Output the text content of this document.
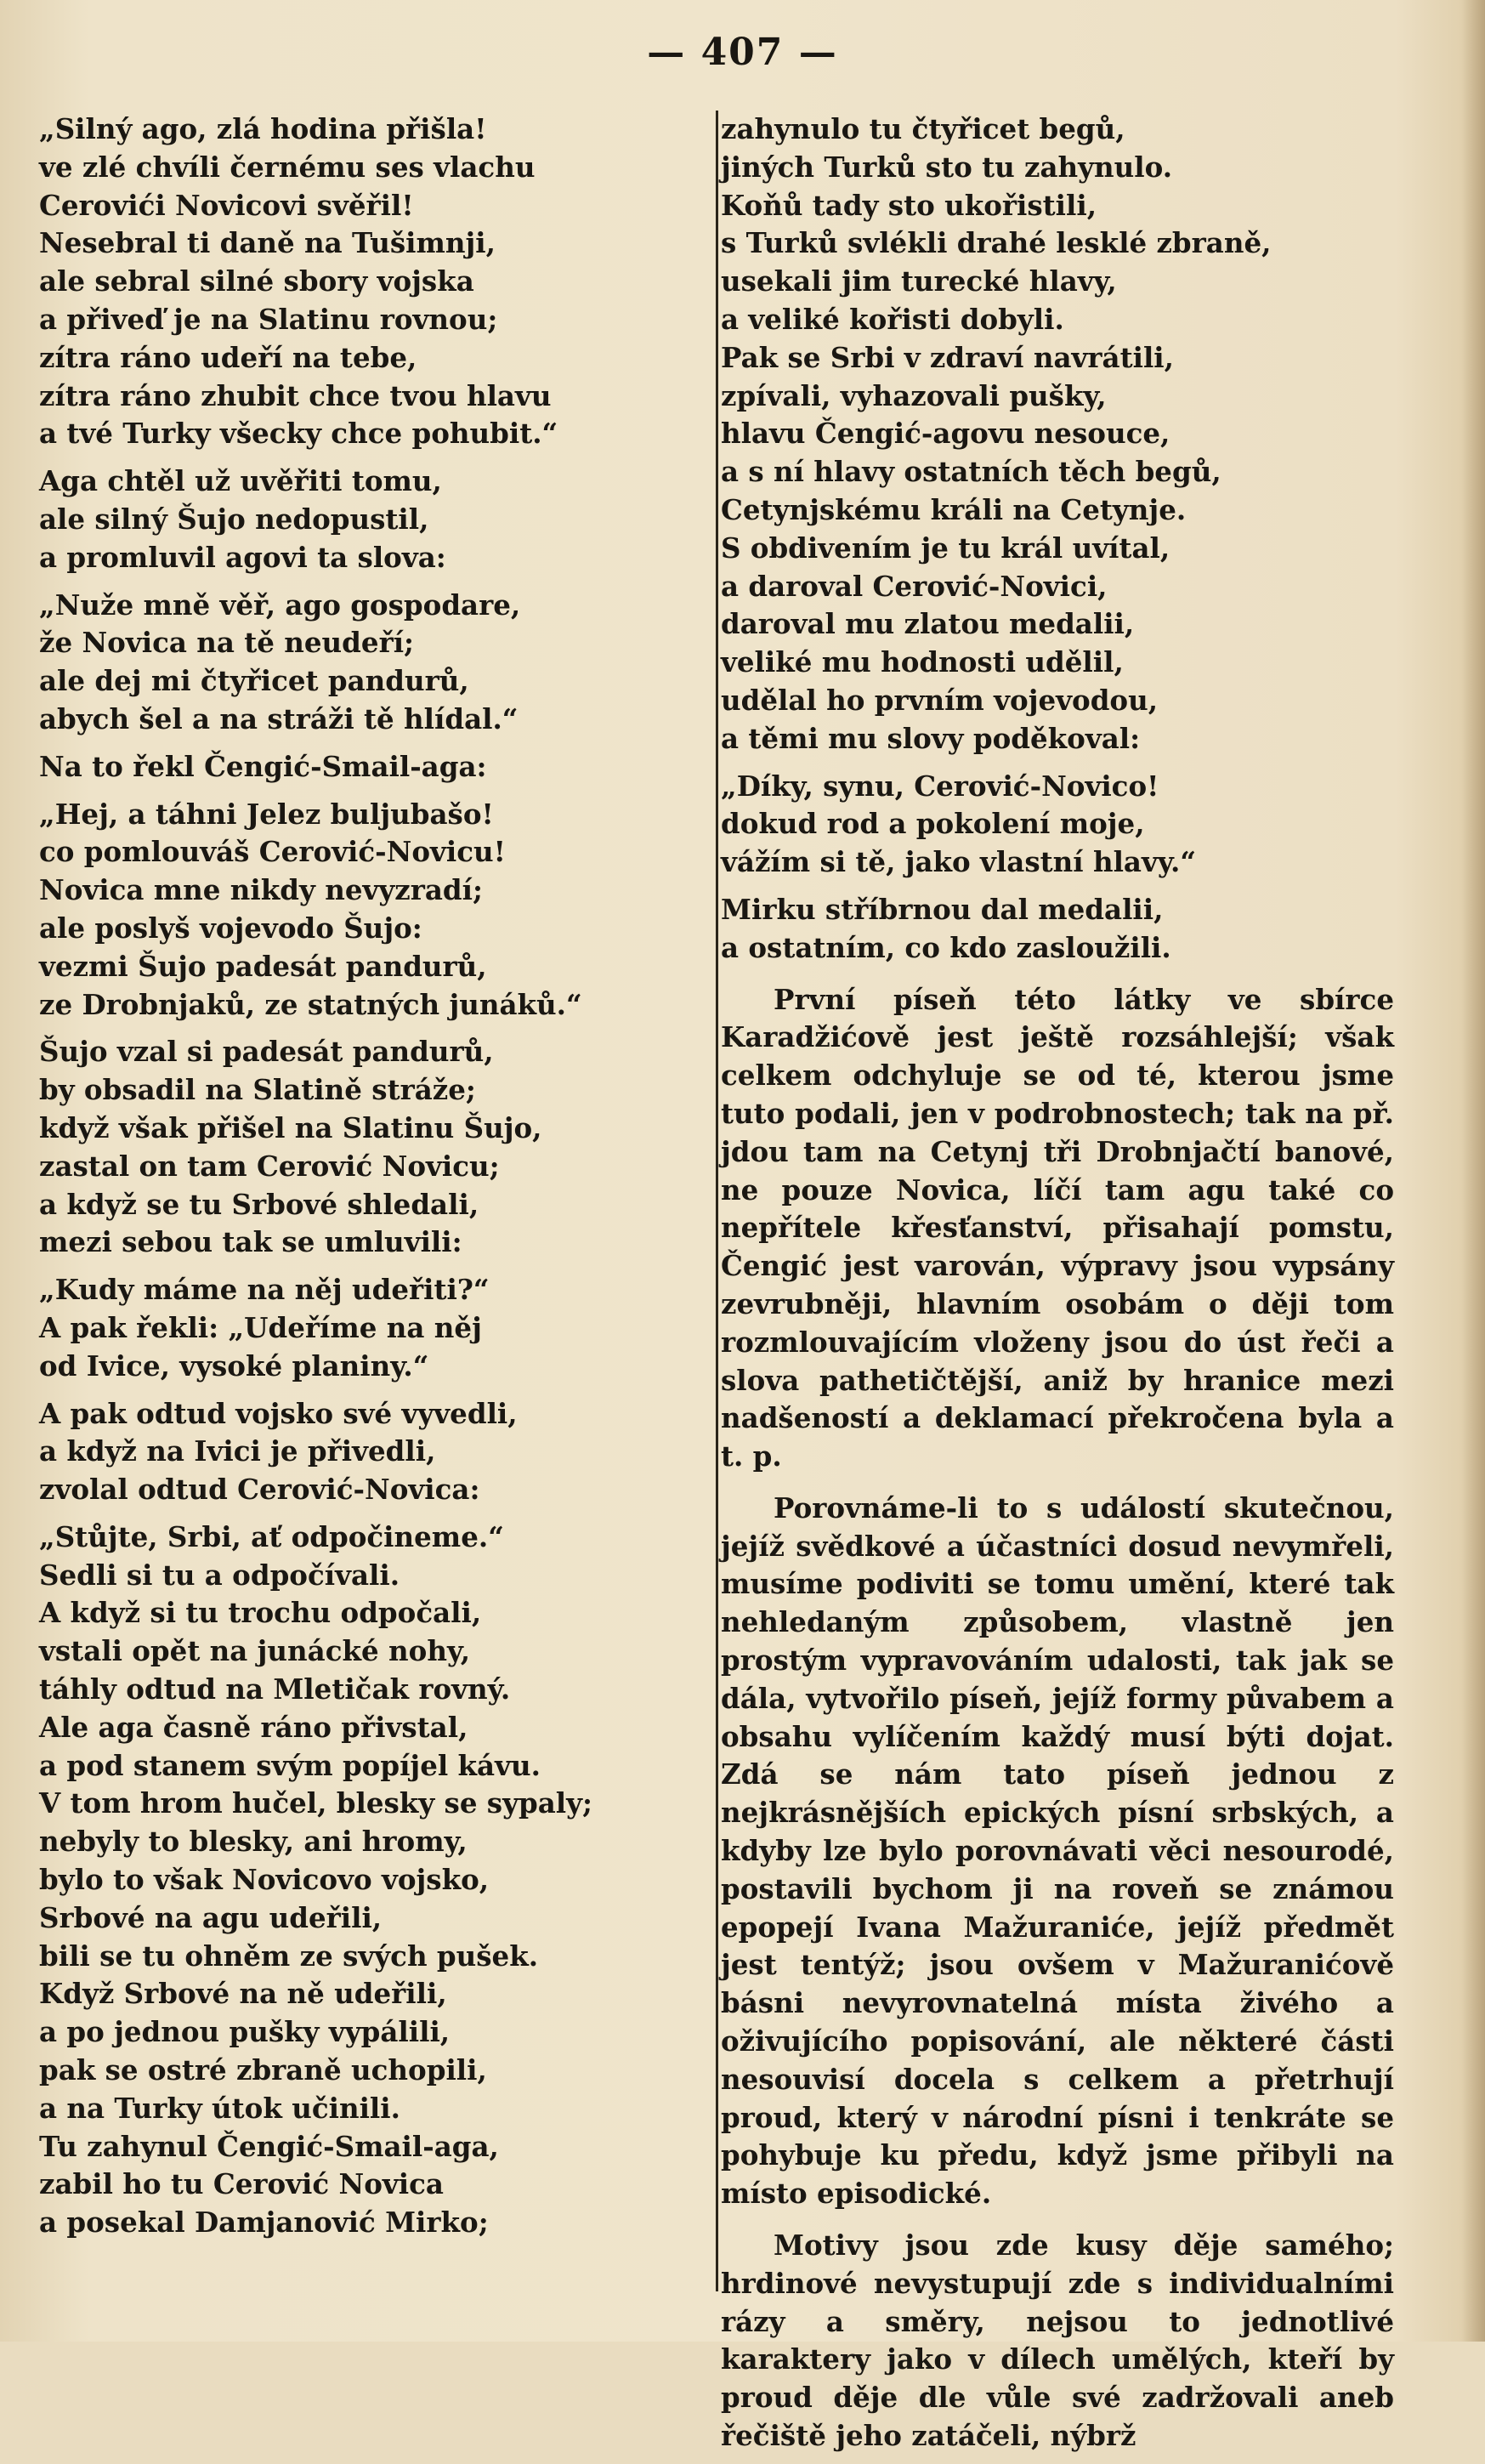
— 407 —
„Silný ago, zlá hodina přišla!
ve zlé chvíli černému ses vlachu
Cerovići Novicovi svěřil!
Nesebral ti daně na Tušimnji,
ale sebral silné sbory vojska
a přiveď je na Slatinu rovnou;
zítra ráno udeří na tebe,
zítra ráno zhubit chce tvou hlavu
a tvé Turky všecky chce pohubit.“
Aga chtěl už uvěřiti tomu,
ale silný Šujo nedopustil,
a promluvil agovi ta slova:
„Nuže mně věř, ago gospodare,
že Novica na tě neudeří;
ale dej mi čtyřicet pandurů,
abych šel a na stráži tě hlídal.“
Na to řekl Čengić-Smail-aga:
„Hej, a táhni Jelez buljubašo!
co pomlouváš Cerović-Novicu!
Novica mne nikdy nevyzradí;
ale poslyš vojevodo Šujo:
vezmi Šujo padesát pandurů,
ze Drobnjaků, ze statných junáků.“
Šujo vzal si padesát pandurů,
by obsadil na Slatině stráže;
když však přišel na Slatinu Šujo,
zastal on tam Cerović Novicu;
a když se tu Srbové shledali,
mezi sebou tak se umluvili:
„Kudy máme na něj udeřiti?“
A pak řekli: „Udeříme na něj
od Ivice, vysoké planiny.“
A pak odtud vojsko své vyvedli,
a když na Ivici je přivedli,
zvolal odtud Cerović-Novica:
„Stůjte, Srbi, ať odpočineme.“
Sedli si tu a odpočívali.
A když si tu trochu odpočali,
vstali opět na junácké nohy,
táhly odtud na Mletičak rovný.
Ale aga časně ráno přivstal,
a pod stanem svým popíjel kávu.
V tom hrom hučel, blesky se sypaly;
nebyly to blesky, ani hromy,
bylo to však Novicovo vojsko,
Srbové na agu udeřili,
bili se tu ohněm ze svých pušek.
Když Srbové na ně udeřili,
a po jednou pušky vypálili,
pak se ostré zbraně uchopili,
a na Turky útok učinili.
Tu zahynul Čengić-Smail-aga,
zabil ho tu Cerović Novica
a posekal Damjanović Mirko;
zahynulo tu čtyřicet begů,
jiných Turků sto tu zahynulo.
Koňů tady sto ukořistili,
s Turků svlékli drahé lesklé zbraně,
usekali jim turecké hlavy,
a veliké kořisti dobyli.
Pak se Srbi v zdraví navrátili,
zpívali, vyhazovali pušky,
hlavu Čengić-agovu nesouce,
a s ní hlavy ostatních těch begů,
Cetynjskému králi na Cetynje.
S obdivením je tu král uvítal,
a daroval Cerović-Novici,
daroval mu zlatou medalii,
veliké mu hodnosti udělil,
udělal ho prvním vojevodou,
a těmi mu slovy poděkoval:
„Díky, synu, Cerović-Novico!
dokud rod a pokolení moje,
vážím si tě, jako vlastní hlavy.“
Mirku stříbrnou dal medalii,
a ostatním, co kdo zasloužili.

První píseň této látky ve sbírce Karadžićově jest ještě rozsáhlejší; však celkem odchyluje se od té, kterou jsme tuto podali, jen v podrobnostech; tak na př. jdou tam na Cetynj tři Drobnjačtí banové, ne pouze Novica, líčí tam agu také co nepřítele křesťanství, přisahají pomstu, Čengić jest varován, výpravy jsou vypsány zevrubněji, hlavním osobám o ději tom rozmlouvajícím vloženy jsou do úst řeči a slova pathetičtější, aniž by hranice mezi nadšeností a deklamací překročena byla a t. p.

Porovnáme-li to s událostí skutečnou, jejíž svědkové a účastníci dosud nevymřeli, musíme podiviti se tomu umění, které tak nehledaným způsobem, vlastně jen prostým vypravováním udalosti, tak jak se dála, vytvořilo píseň, jejíž formy půvabem a obsahu vylíčením každý musí býti dojat. Zdá se nám tato píseň jednou z nejkrásnějších epických písní srbských, a kdyby lze bylo porovnávati věci nesourodé, postavili bychom ji na roveň se známou epopejí Ivana Mažuraniće, jejíž předmět jest tentýž; jsou ovšem v Mažuranićově básni nevyrovnatelná místa živého a oživujícího popisování, ale některé části nesouvisí docela s celkem a přetrhují proud, který v národní písni i tenkráte se pohybuje ku předu, když jsme přibyli na místo episodické.

Motivy jsou zde kusy děje samého; hrdinové nevystupují zde s individualními rázy a směry, nejsou to jednotlivé karaktery jako v dílech umělých, kteří by proud děje dle vůle své zadržovali aneb řečiště jeho zatáčeli, nýbrž
